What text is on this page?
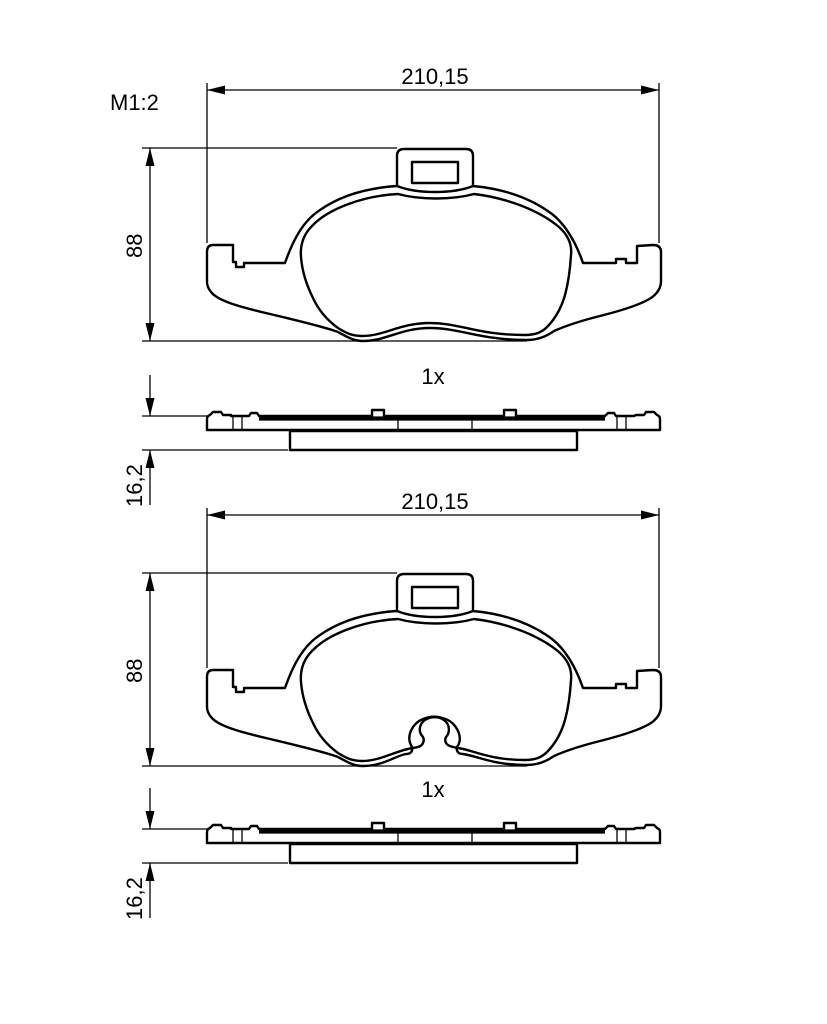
M1:2
210,15
88
1x
16,2	210,15
88
1x
16,2
